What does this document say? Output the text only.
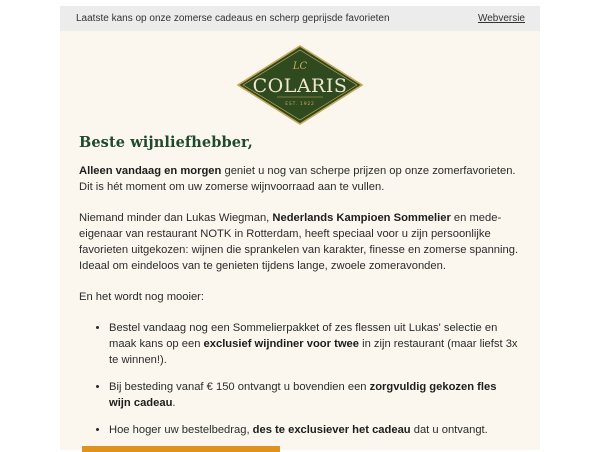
Laatste kans op onze zomerse cadeaus en scherp geprijsde favorieten	Webversie
LC
COLARIS
EST. 1922
Beste wijnliefhebber,

Alleen vandaag en morgen geniet u nog van scherpe prijzen op onze zomerfavorieten. Dit is hét moment om uw zomerse wijnvoorraad aan te vullen.

Niemand minder dan Lukas Wiegman, Nederlands Kampioen Sommelier en mede-eigenaar van restaurant NOTK in Rotterdam, heeft speciaal voor u zijn persoonlijke favorieten uitgekozen: wijnen die sprankelen van karakter, finesse en zomerse spanning. Ideaal om eindeloos van te genieten tijdens lange, zwoele zomeravonden.

En het wordt nog mooier:

• Bestel vandaag nog een Sommelierpakket of zes flessen uit Lukas' selectie en maak kans op een exclusief wijndiner voor twee in zijn restaurant (maar liefst 3x te winnen!).
• Bij besteding vanaf € 150 ontvangt u bovendien een zorgvuldig gekozen fles wijn cadeau.
• Hoe hoger uw bestelbedrag, des te exclusiever het cadeau dat u ontvangt.
